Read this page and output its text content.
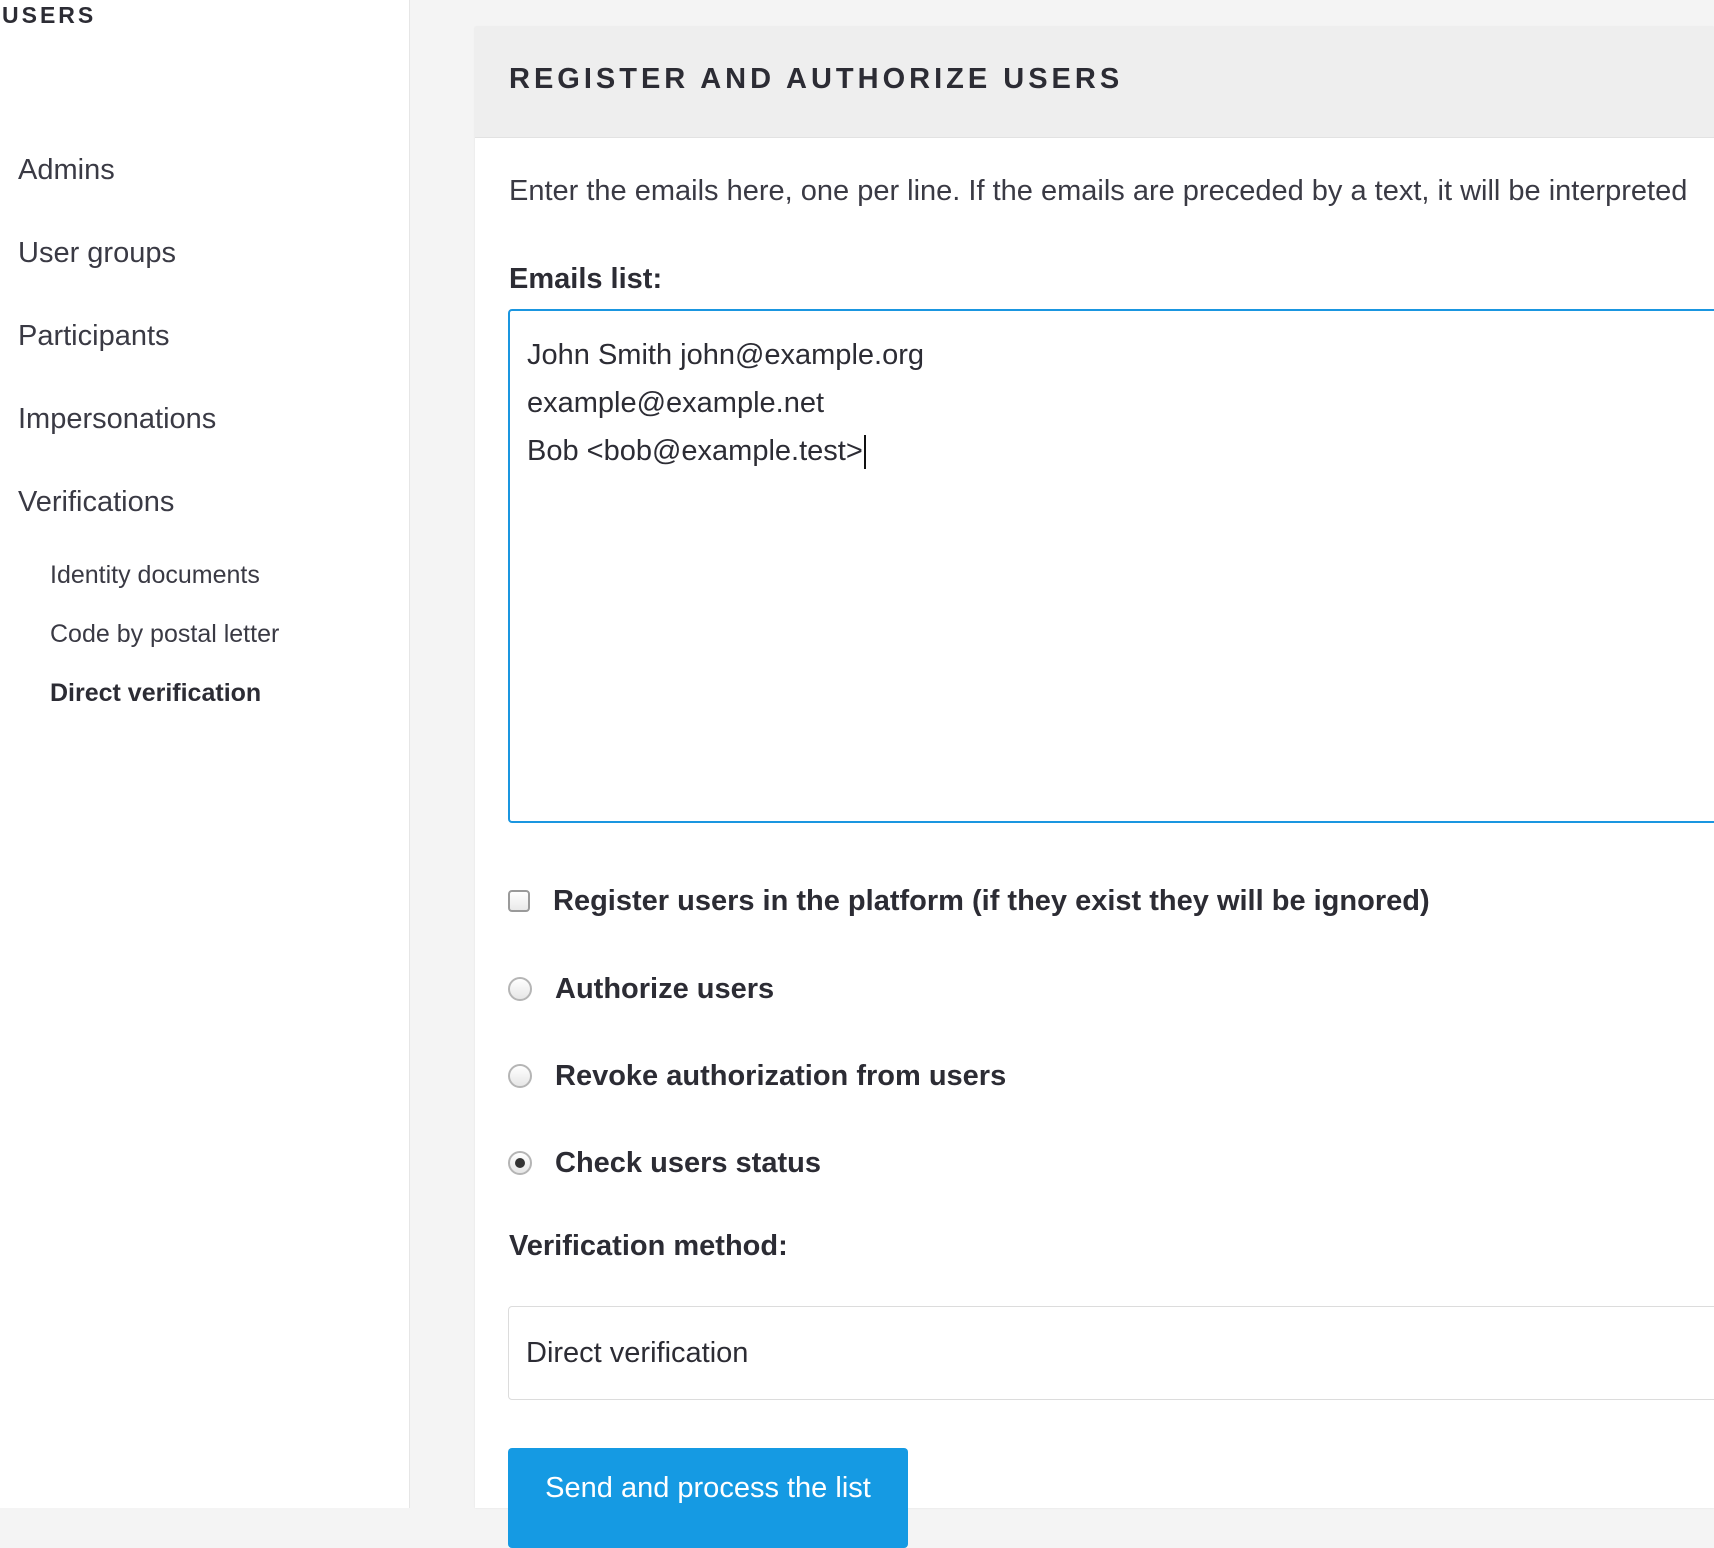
USERS
Admins
User groups
Participants
Impersonations
Verifications
Identity documents
Code by postal letter
Direct verification
REGISTER AND AUTHORIZE USERS
Enter the emails here, one per line. If the emails are preceded by a text, it will be interpreted
Emails list:
John Smith john@example.org
example@example.net
Bob <bob@example.test>
Register users in the platform (if they exist they will be ignored)
Authorize users
Revoke authorization from users
Check users status
Verification method:
Direct verification
Send and process the list
